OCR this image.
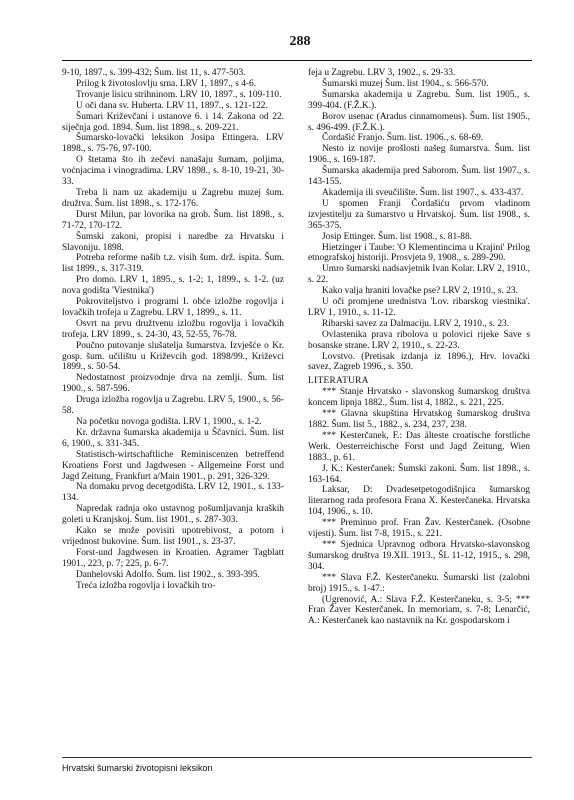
288

9-10, 1897., s. 399-432; Šum. list 11, s. 477-503.

Prilog k životoslovlju srna. LRV 1, 1897., s 4-6.

Trovanje lisicu strihninom. LRV 10, 1897., s. 109-110.

U oči dana sv. Huberta. LRV 11, 1897., s. 121-122.

Šumari Križevčani i ustanove 6. i 14. Zakona od 22. siječnja god. 1894. Šum. list 1898., s. 209-221.

Šumarsko-lovački leksikon Josipa Ettingera. LRV 1898., s. 75-76, 97-100.

O štetama što ih zečevi nanašaju šumam, poljima, voćnjacima i vinogradima. LRV 1898., s. 8-10, 19-21, 30-33.

Treba li nam uz akademiju u Zagrebu muzej šum. družtva. Šum. list 1898., s. 172-176.

Durst Milun, par lovorika na grob. Šum. list 1898., s. 71-72, 170-172.

Šumski zakoni, propisi i naredbe za Hrvatsku i Slavoniju. 1898.

Potreba reforme našib t.z. visih šum. drž. ispita. Šum. list 1899., s. 317-319.

Pro domo. LRV 1, 1895., s. 1-2; 1, 1899., s. 1-2. (uz nova godišta 'Viestnika')

Pokroviteljstvo i programi I. obće izložbe rogovlja i lovačkih trofeja u Zagrebu. LRV 1, 1899., s. 11.

Osvrt na prvu družtvenu izložbu rogovlja i lovačkih trofeja. LRV 1899., s. 24-30, 43, 52-55, 76-78.

Poučno putovanje slušatelja šumarstva. Izvješće o Kr. gosp. šum. učilištu u Križevcih god. 1898/99., Križevci 1899., s. 50-54.

Nedostatnost proizvodnje drva na zemlji. Šum. list 1900., s. 587-596.

Druga izložba rogovlja u Zagrebu. LRV 5, 1900., s. 56-58.

Na početku novoga godišta. LRV 1, 1900., s. 1-2.

Kr. državna šumarska akademija u Ščavnici. Šum. list 6, 1900., s. 331-345.

Statistisch-wirtschaftliche Reminiscenzen betreffend Kroatiens Forst und Jagdwesen - Allgemeine Forst und Jagd Zeitung, Frankfurt a/Main 1901., p. 291, 326-329.

Na domaku prvog decetgodišta. LRV 12, 1901., s. 133-134.

Napredak radnja oko ustavnog pošumljavanja kraških goleti u Kranjskoj. Šum. list 1901., s. 287-303.

Kako se može povisiti upotrebivost, a potom i vrijednost bukovine. Šum. list 1901., s. 23-37.

Forst-und Jagdwesen in Kroatien. Agramer Tagblatt 1901., 223, p. 7; 225, p. 6-7.

Danhelovski Adolfo. Šum. list 1902., s. 393-395.

Treća izložba rogovlja i lovačkih tro-

feja u Zagrebu. LRV 3, 1902., s. 29-33.

Šumarski muzej Šum. list 1904., s. 566-570.

Šumarska akademija u Zagrebu. Šum. list 1905., s. 399-404. (F.Ž.K.).

Borov usenac (Aradus cinnamomeus). Šum. list 1905., s. 496-499. (F.Ž.K.).

Čordašić Franjo. Šum. list. 1906., s. 68-69.

Nesto iz novije prošlosti našeg šumarstva. Šum. list 1906., s. 169-187.

Šumarska akademija pred Saborom. Šum. list 1907., s. 143-155.

Akademija ili sveučilište. Šum. list 1907., s. 433-437.

U spomen Franji Čordašiću prvom vladinom izvjestitelju za šumarstvo u Hrvatskoj. Šum. list 1908., s. 365-375.

Josip Ettinger. Šum. list 1908., s. 81-88.

Hietzinger i Taube: 'O Klementincima u Krajini' Prilog etnografskoj historiji. Prosvjeta 9, 1908., s. 289-290.

Umro šumarski nadsavjetnik Ivan Kolar. LRV 2, 1910., s. 22.

Kako valja hraniti lovačke pse? LRV 2, 1910., s. 23.

U oči promjene urednistva 'Lov. ribarskog viestnika'. LRV 1, 1910., s. 11-12.

Ribarski savez za Dalmaciju. LRV 2, 1910., s. 23.

Ovlastenika prava ribolova u polovici rijeke Save s bosanske strane. LRV 2, 1910., s. 22-23.

Lovstvo. (Pretisak izdanja iz 1896.), Hrv. lovački savez, Zagreb 1996., s. 350.

LITERATURA

*** Stanje Hrvatsko - slavonskog šumarskog društva koncem lipnja 1882., Šum. list 4, 1882., s. 221, 225.

*** Glavna skupština Hrvatskog šumarskog društva 1882. Šum. list 5., 1882., s. 234, 237, 238.

*** Kesterčanek, F.: Das älteste croatische forstliche Werk. Oesterreichische Forst und Jagd Zeitung, Wien 1883., p. 61.

J. K.: Kesterčanek: Šumski zakoni. Šum. list 1898., s. 163-164.

Laksar, D: Dvadesetpetogodišnjica šumarskog literarnog rada profesora Frana X. Kesterčaneka. Hrvatska 104, 1906., s. 10.

*** Preminuo prof. Fran Žav. Kesterčanek. (Osobne vijesti). Šum. list 7-8, 1915., s. 221.

*** Sjednica Upravnog odbora Hrvatsko-slavonskog šumarskog društva 19.XII. 1913., ŠL 11-12, 1915., s. 298, 304.

*** Slava F.Ž. Kesterčaneku. Šumarski list (zalobni broj) 1915., s. 1-47.:

(Ugrenović, A.: Slava F.Ž. Kesterčaneku, s. 3-5; *** Fran Žaver Kesterčanek. In memoriam, s. 7-8; Lenarčić, A.: Kesterčanek kao nastavnik na Kr. gospodarskom i

Hrvatski šumarski životopisni leksikon
